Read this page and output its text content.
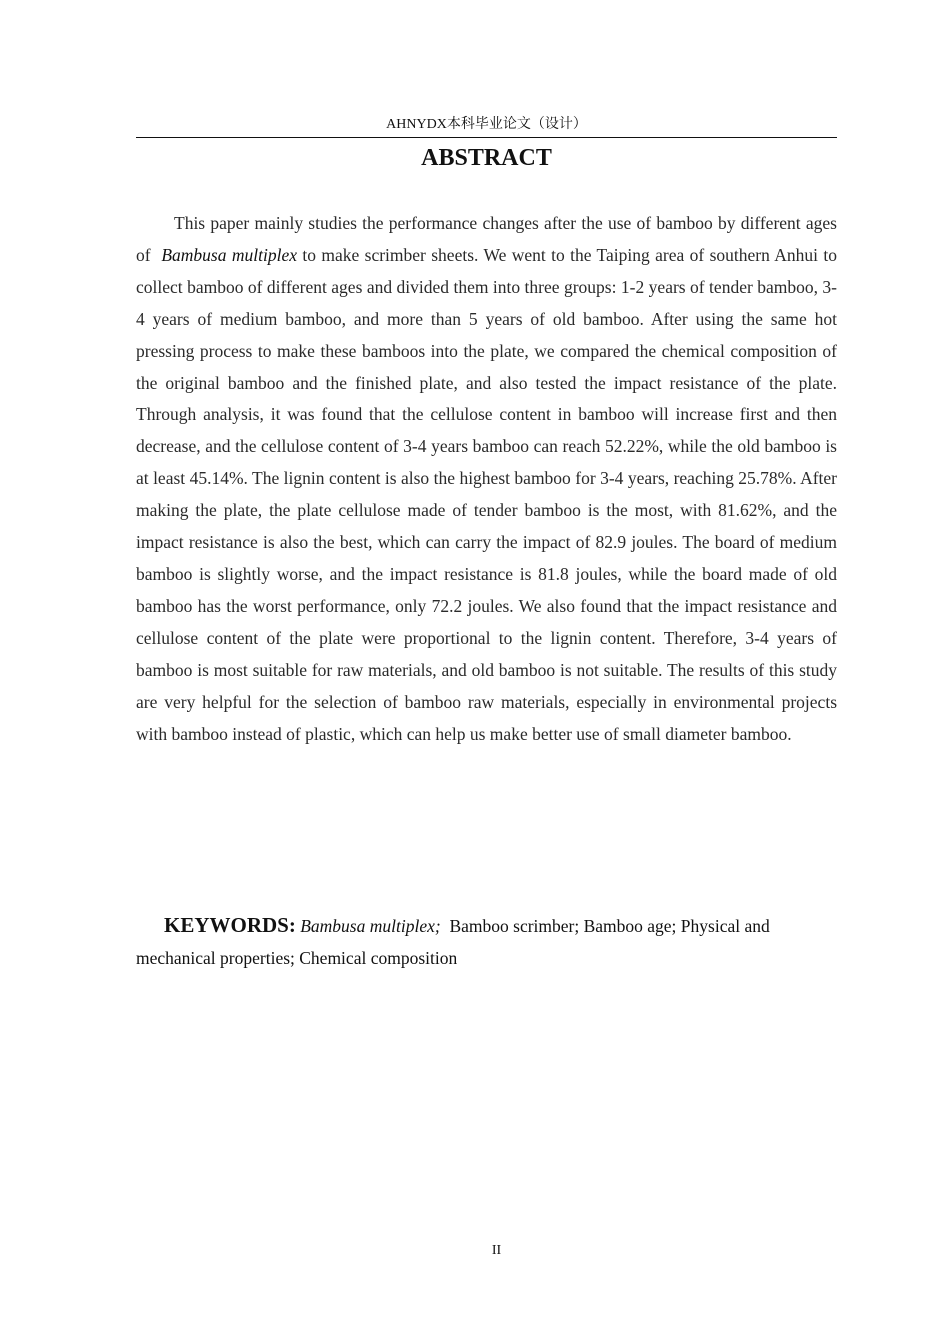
AHNYDX本科毕业论文（设计）
ABSTRACT

This paper mainly studies the performance changes after the use of bamboo by different ages of Bambusa multiplex to make scrimber sheets. We went to the Taiping area of southern Anhui to collect bamboo of different ages and divided them into three groups: 1-2 years of tender bamboo, 3-4 years of medium bamboo, and more than 5 years of old bamboo. After using the same hot pressing process to make these bamboos into the plate, we compared the chemical composition of the original bamboo and the finished plate, and also tested the impact resistance of the plate. Through analysis, it was found that the cellulose content in bamboo will increase first and then decrease, and the cellulose content of 3-4 years bamboo can reach 52.22%, while the old bamboo is at least 45.14%. The lignin content is also the highest bamboo for 3-4 years, reaching 25.78%. After making the plate, the plate cellulose made of tender bamboo is the most, with 81.62%, and the impact resistance is also the best, which can carry the impact of 82.9 joules. The board of medium bamboo is slightly worse, and the impact resistance is 81.8 joules, while the board made of old bamboo has the worst performance, only 72.2 joules. We also found that the impact resistance and cellulose content of the plate were proportional to the lignin content. Therefore, 3-4 years of bamboo is most suitable for raw materials, and old bamboo is not suitable. The results of this study are very helpful for the selection of bamboo raw materials, especially in environmental projects with bamboo instead of plastic, which can help us make better use of small diameter bamboo.

KEYWORDS: Bambusa multiplex; Bamboo scrimber; Bamboo age; Physical and mechanical properties; Chemical composition

II
